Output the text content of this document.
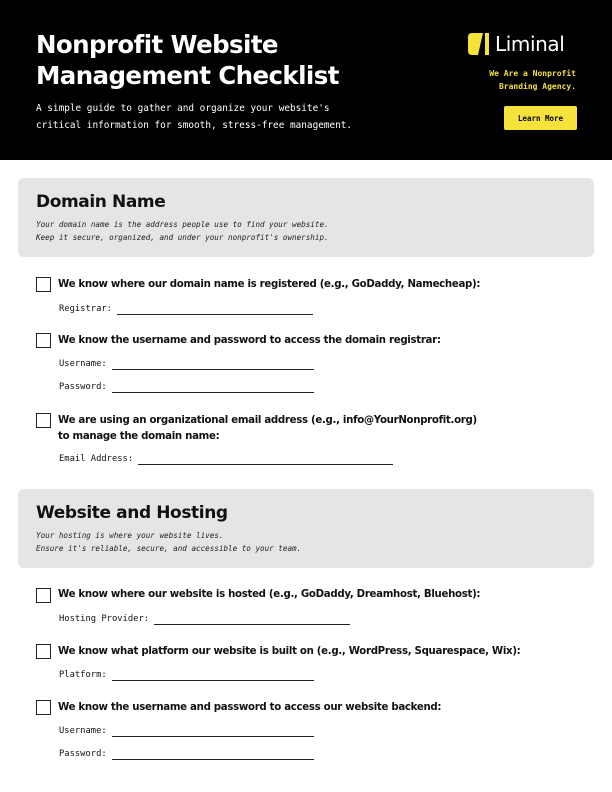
Nonprofit Website
Management Checklist

A simple guide to gather and organize your website's
critical information for smooth, stress-free management.

Liminal
We Are a Nonprofit
Branding Agency.
Learn More
Domain Name
Your domain name is the address people use to find your website.
Keep it secure, organized, and under your nonprofit's ownership.
We know where our domain name is registered (e.g., GoDaddy, Namecheap):
Registrar:
We know the username and password to access the domain registrar:
Username:
Password:
We are using an organizational email address (e.g., info@YourNonprofit.org)
to manage the domain name:
Email Address:
Website and Hosting
Your hosting is where your website lives.
Ensure it's reliable, secure, and accessible to your team.
We know where our website is hosted (e.g., GoDaddy, Dreamhost, Bluehost):
Hosting Provider:
We know what platform our website is built on (e.g., WordPress, Squarespace, Wix):
Platform:
We know the username and password to access our website backend:
Username:
Password:
